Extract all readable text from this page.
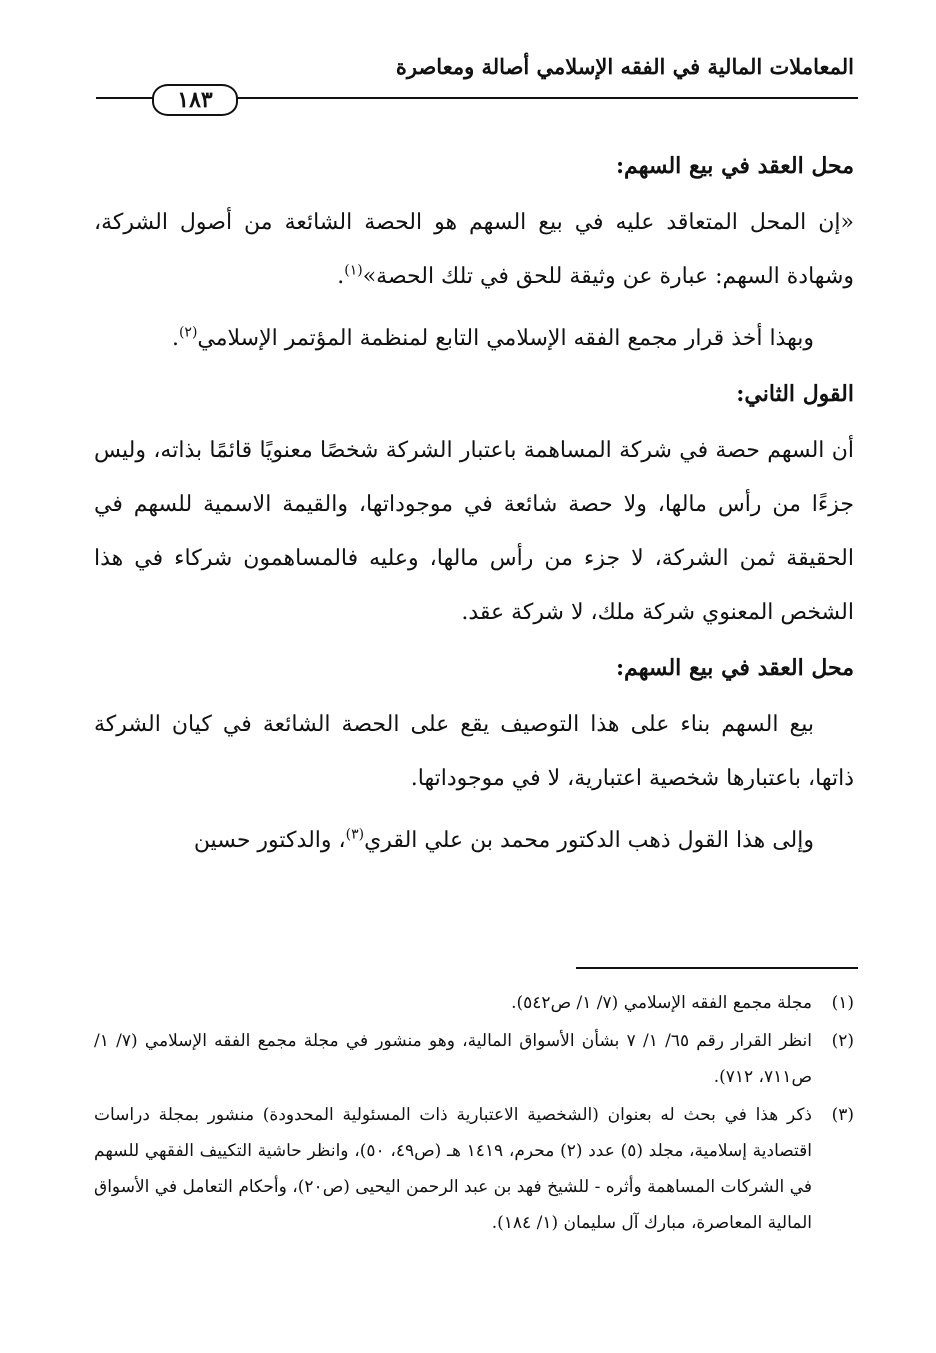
المعاملات المالية في الفقه الإسلامي أصالة ومعاصرة
١٨٣
محل العقد في بيع السهم:

«إن المحل المتعاقد عليه في بيع السهم هو الحصة الشائعة من أصول الشركة، وشهادة السهم: عبارة عن وثيقة للحق في تلك الحصة»$^{(١)}$.

وبهذا أخذ قرار مجمع الفقه الإسلامي التابع لمنظمة المؤتمر الإسلامي$^{(٢)}$.

القول الثاني:

أن السهم حصة في شركة المساهمة باعتبار الشركة شخصًا معنويًا قائمًا بذاته، وليس جزءًا من رأس مالها، ولا حصة شائعة في موجوداتها، والقيمة الاسمية للسهم في الحقيقة ثمن الشركة، لا جزء من رأس مالها، وعليه فالمساهمون شركاء في هذا الشخص المعنوي شركة ملك، لا شركة عقد.

محل العقد في بيع السهم:

بيع السهم بناء على هذا التوصيف يقع على الحصة الشائعة في كيان الشركة ذاتها، باعتبارها شخصية اعتبارية، لا في موجوداتها.

وإلى هذا القول ذهب الدكتور محمد بن علي القري$^{(٣)}$، والدكتور حسين

(١)
مجلة مجمع الفقه الإسلامي (٧/ ١/ ص٥٤٢).
(٢)
انظر القرار رقم ٦٥/ ١/ ٧ بشأن الأسواق المالية، وهو منشور في مجلة مجمع الفقه الإسلامي (٧/ ١/ ص٧١١، ٧١٢).
(٣)
ذكر هذا في بحث له بعنوان (الشخصية الاعتبارية ذات المسئولية المحدودة) منشور بمجلة دراسات اقتصادية إسلامية، مجلد (٥) عدد (٢) محرم، ١٤١٩ هـ (ص٤٩، ٥٠)، وانظر حاشية التكييف الفقهي للسهم في الشركات المساهمة وأثره - للشيخ فهد بن عبد الرحمن اليحيى (ص٢٠)، وأحكام التعامل في الأسواق المالية المعاصرة، مبارك آل سليمان (١/ ١٨٤).
